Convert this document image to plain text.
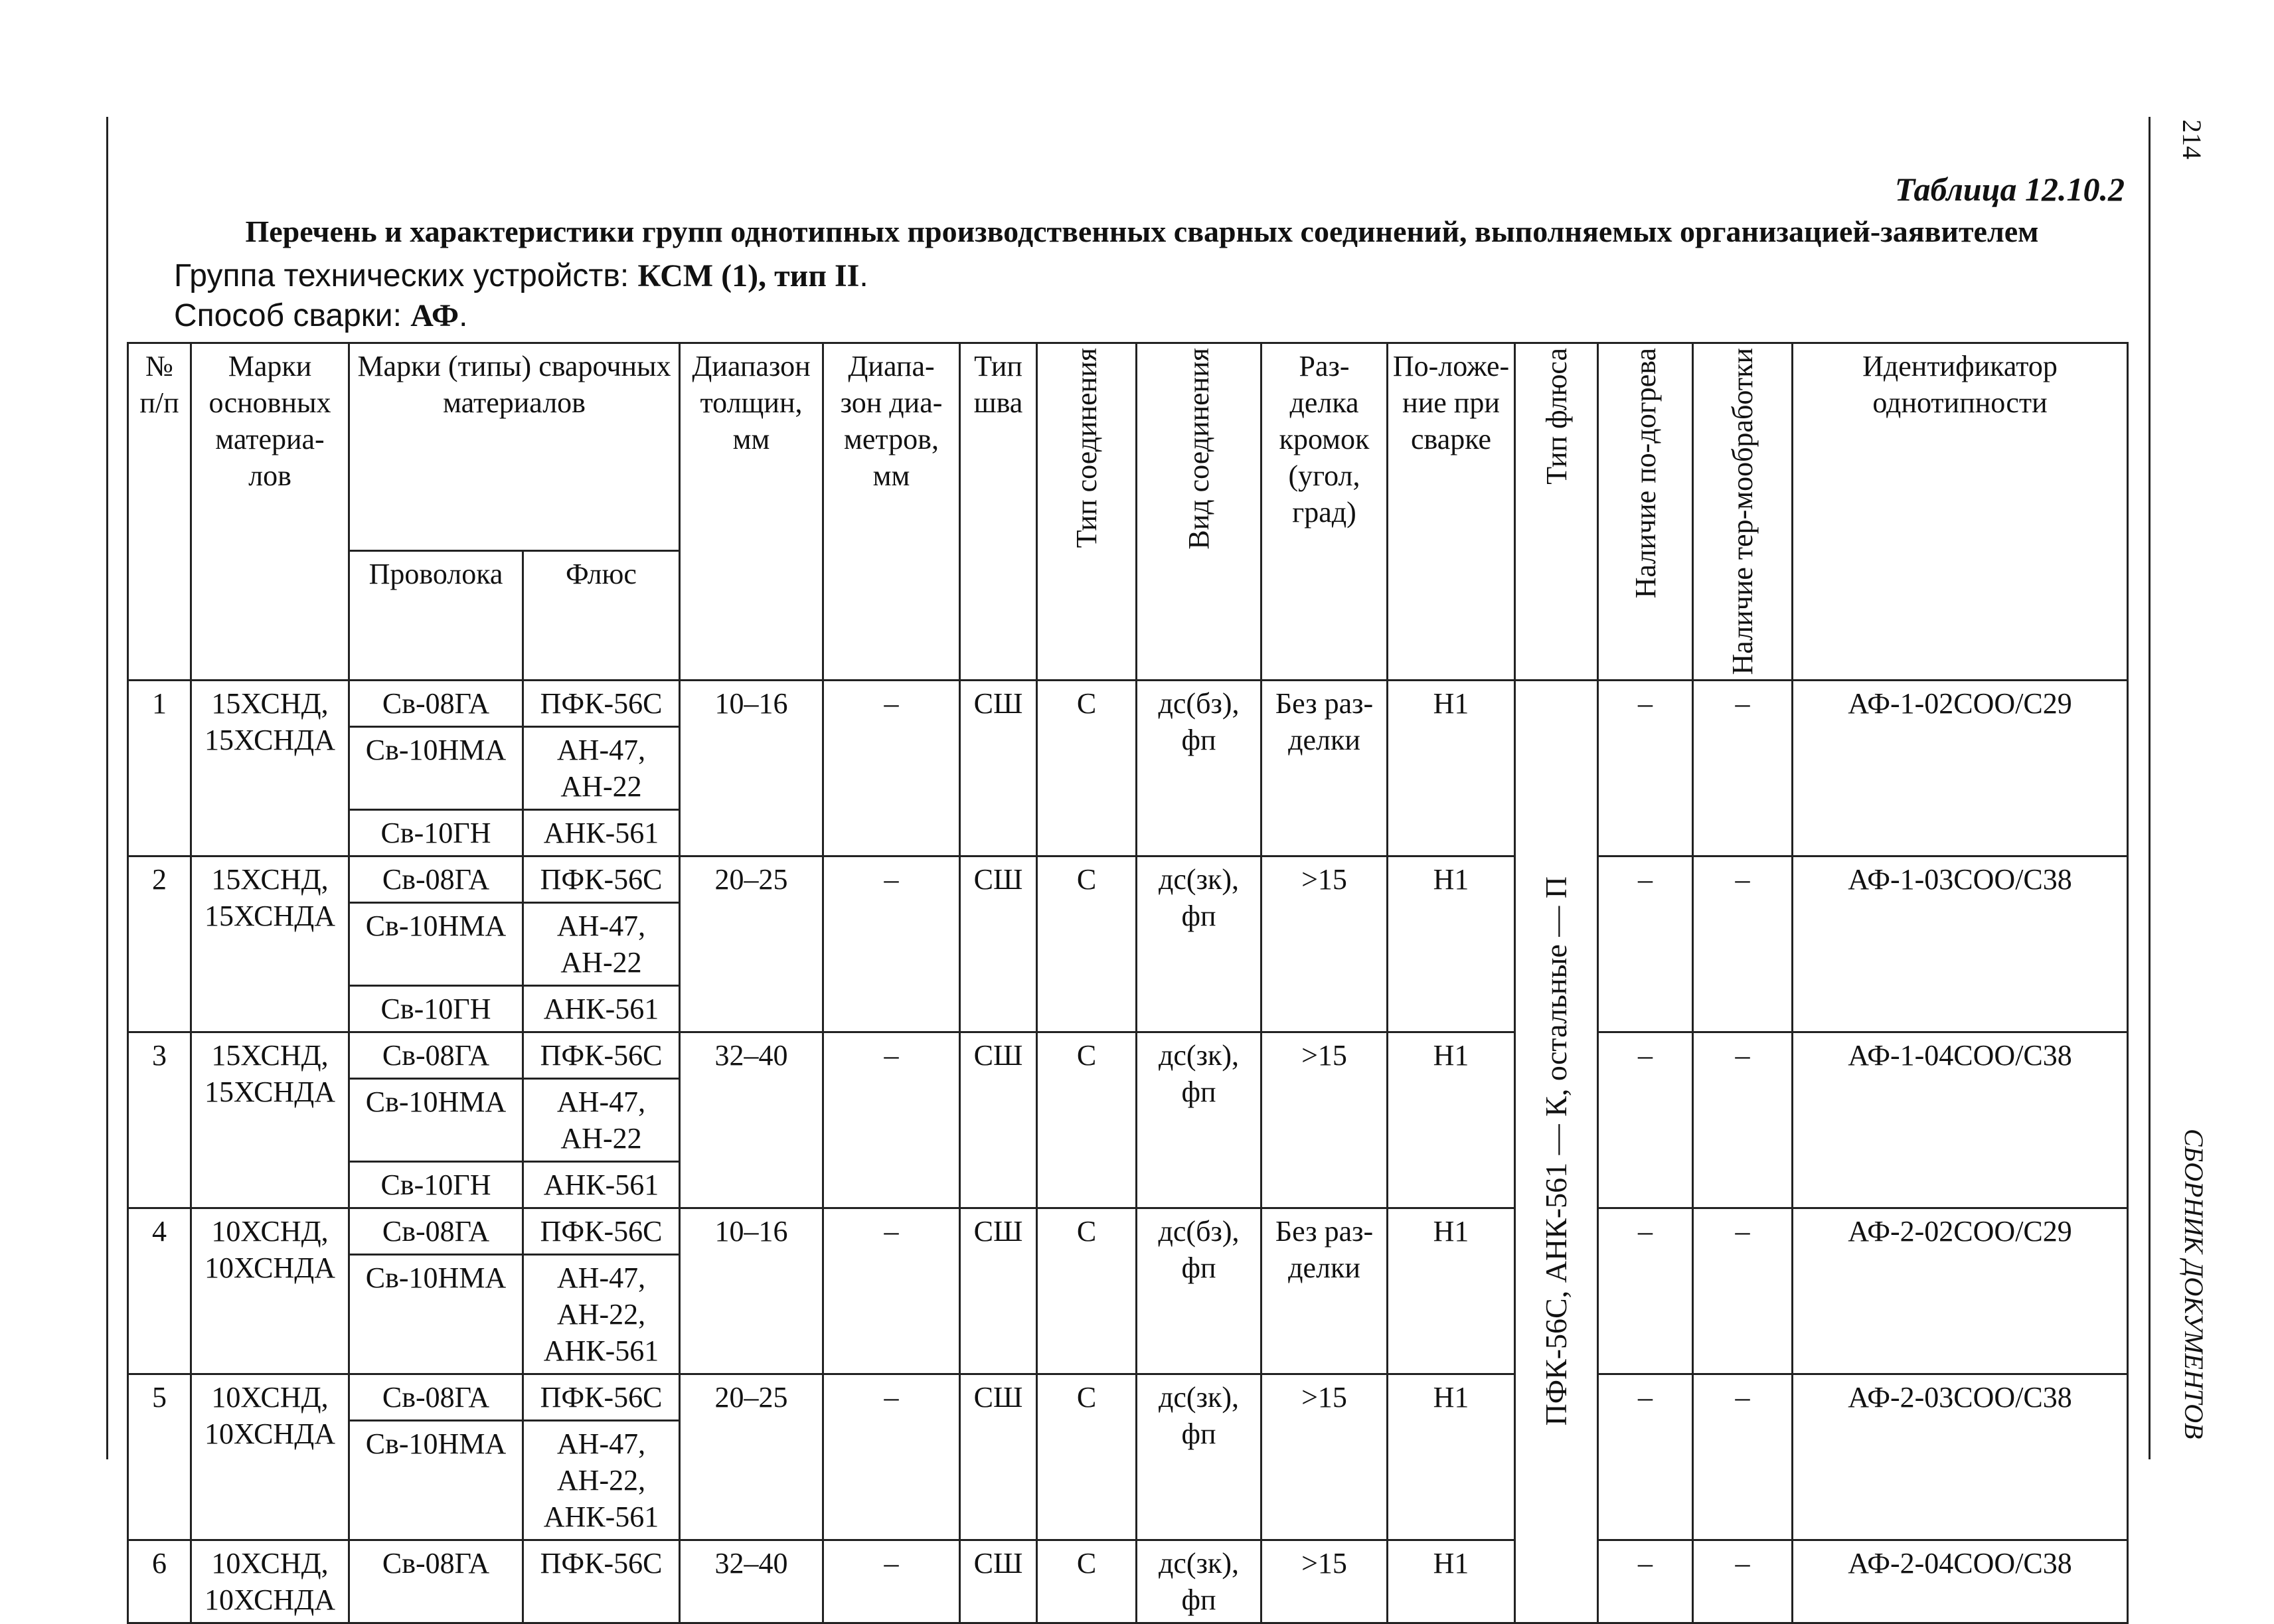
214
СБОРНИК ДОКУМЕНТОВ
Таблица 12.10.2
Перечень и характеристики групп однотипных производственных сварных соединений, выполняемых организацией-заявителем
Группа технических устройств: КСМ (1), тип II.
Способ сварки: АФ.
№ п/п	Марки основных материа-лов	Марки (типы) сварочных материалов		Диапазон толщин, мм	Диапа-зон диа-метров, мм	Тип шва	Тип соединения	Вид соединения	Раз-делка кромок (угол, град)	По-ложе-ние при сварке	Тип флюса	Наличие по-догрева	Наличие тер-мообработки	Идентификатор однотипности
		Проволока	Флюс											
1	15ХСНД, 15ХСНДА	Св-08ГА	ПФК-56С	10–16	–	СШ	С	дс(бз), фп	Без раз-делки	Н1	ПФК-56С, АНК-561 — К, остальные — П	–	–	АФ-1-02СОО/С29
		Св-10НМА	АН-47, АН-22											
		Св-10ГН	АНК-561											
2	15ХСНД, 15ХСНДА	Св-08ГА	ПФК-56С	20–25	–	СШ	С	дс(зк), фп	>15	Н1		–	–	АФ-1-03СОО/С38
		Св-10НМА	АН-47, АН-22											
		Св-10ГН	АНК-561											
3	15ХСНД, 15ХСНДА	Св-08ГА	ПФК-56С	32–40	–	СШ	С	дс(зк), фп	>15	Н1		–	–	АФ-1-04СОО/С38
		Св-10НМА	АН-47, АН-22											
		Св-10ГН	АНК-561											
4	10ХСНД, 10ХСНДА	Св-08ГА	ПФК-56С	10–16	–	СШ	С	дс(бз), фп	Без раз-делки	Н1		–	–	АФ-2-02СОО/С29
		Св-10НМА	АН-47, АН-22, АНК-561											
5	10ХСНД, 10ХСНДА	Св-08ГА	ПФК-56С	20–25	–	СШ	С	дс(зк), фп	>15	Н1		–	–	АФ-2-03СОО/С38
		Св-10НМА	АН-47, АН-22, АНК-561											
6	10ХСНД, 10ХСНДА	Св-08ГА	ПФК-56С	32–40	–	СШ	С	дс(зк), фп	>15	Н1		–	–	АФ-2-04СОО/С38
